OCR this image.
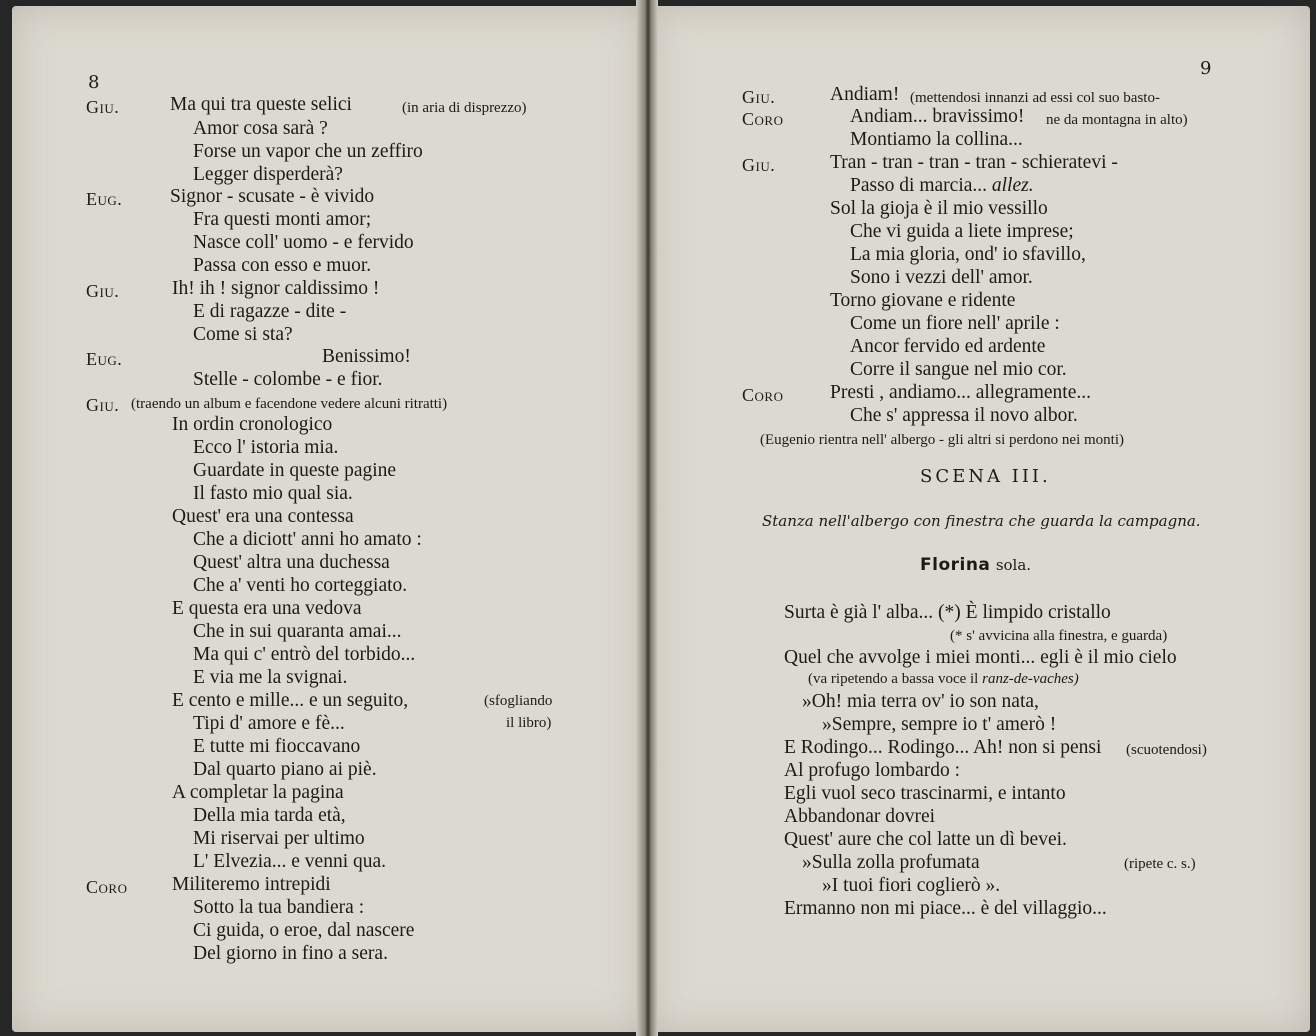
8
Giu.	Ma qui tra queste selici	(in aria di disprezzo)
Amor cosa sarà ?
Forse un vapor che un zeffiro
Legger disperderà?
Eug. Signor - scusate - è vivido
Fra questi monti amor;
Nasce coll' uomo - e fervido
Passa con esso e muor.
Giu.	Ih! ih ! signor caldissimo !
E di ragazze - dite -
Come si sta?
Eug.	Benissimo!
Stelle - colombe - e fior.
Giu. (traendo un album e facendone vedere alcuni ritratti)
In ordin cronologico
Ecco l' istoria mia.
Guardate in queste pagine
Il fasto mio qual sia.
Quest' era una contessa
Che a diciott' anni ho amato :
Quest' altra una duchessa
Che a' venti ho corteggiato.
E questa era una vedova
Che in sui quaranta amai...
Ma qui c' entrò del torbido...
E via me la svignai.
E cento e mille... e un seguito,	(sfogliando
Tipi d' amore e fè...	il libro)
E tutte mi fioccavano
Dal quarto piano ai piè.
A completar la pagina
Della mia tarda età,
Mi riservai per ultimo
L' Elvezia... e venni qua.
Coro Militeremo intrepidi
Sotto la tua bandiera :
Ci guida, o eroe, dal nascere
Del giorno in fino a sera.
9
Giu.	Andiam! (mettendosi innanzi ad essi col suo basto-
Coro	Andiam... bravissimo! ne da montagna in alto)
Montiamo la collina...
Giu.	Tran - tran - tran - tran - schieratevi -
Passo di marcia... allez.
Sol la gioja è il mio vessillo
Che vi guida a liete imprese;
La mia gloria, ond' io sfavillo,
Sono i vezzi dell' amor.
Torno giovane e ridente
Come un fiore nell' aprile :
Ancor fervido ed ardente
Corre il sangue nel mio cor.
Coro Presti , andiamo... allegramente...
Che s' appressa il novo albor.
(Eugenio rientra nell' albergo - gli altri si perdono nei monti)
SCENA III.
Stanza nell'albergo con finestra che guarda la campagna.
Florina sola.
Surta è già l' alba... (*) È limpido cristallo
(* s' avvicina alla finestra, e guarda)
Quel che avvolge i miei monti... egli è il mio cielo
(va ripetendo a bassa voce il ranz-de-vaches)
»Oh! mia terra ov' io son nata,
»Sempre, sempre io t' amerò !
E Rodingo... Rodingo... Ah! non si pensi (scuotendosi)
Al profugo lombardo :
Egli vuol seco trascinarmi, e intanto
Abbandonar dovrei
Quest' aure che col latte un dì bevei.
»Sulla zolla profumata	(ripete c. s.)
»I tuoi fiori coglierò ».
Ermanno non mi piace... è del villaggio...
